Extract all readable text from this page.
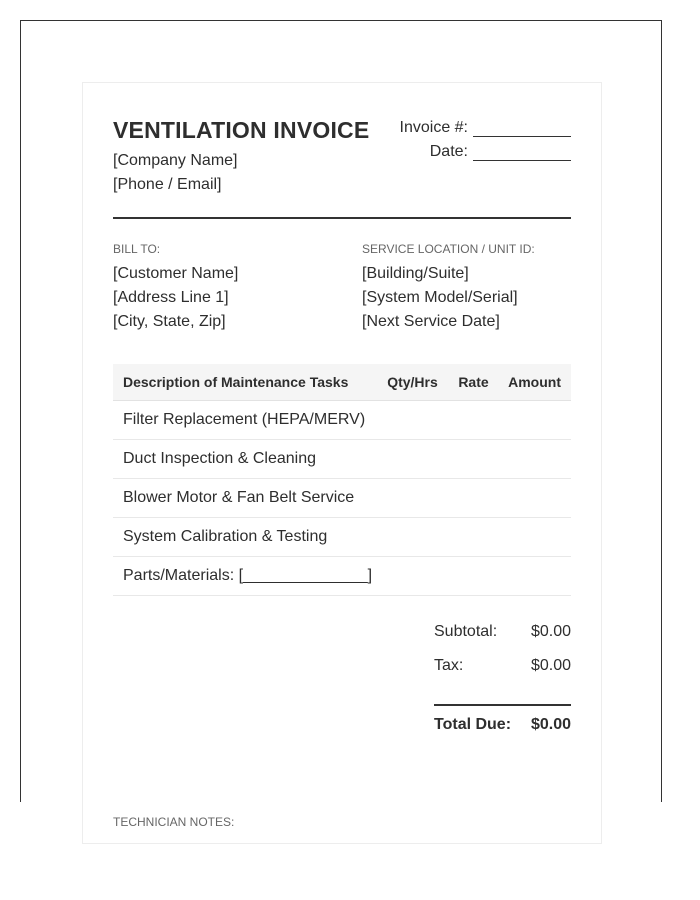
VENTILATION INVOICE
[Company Name]
[Phone / Email]
Invoice #:
Date:
BILL TO:
[Customer Name]
[Address Line 1]
[City, State, Zip]
SERVICE LOCATION / UNIT ID:
[Building/Suite]
[System Model/Serial]
[Next Service Date]
Description of Maintenance Tasks	Qty/Hrs	Rate	Amount
Filter Replacement (HEPA/MERV)			
Duct Inspection & Cleaning			
Blower Motor & Fan Belt Service			
System Calibration & Testing			
Parts/Materials: [______________]			
Subtotal: $0.00
Tax:	$0.00
Total Due: $0.00
TECHNICIAN NOTES:
